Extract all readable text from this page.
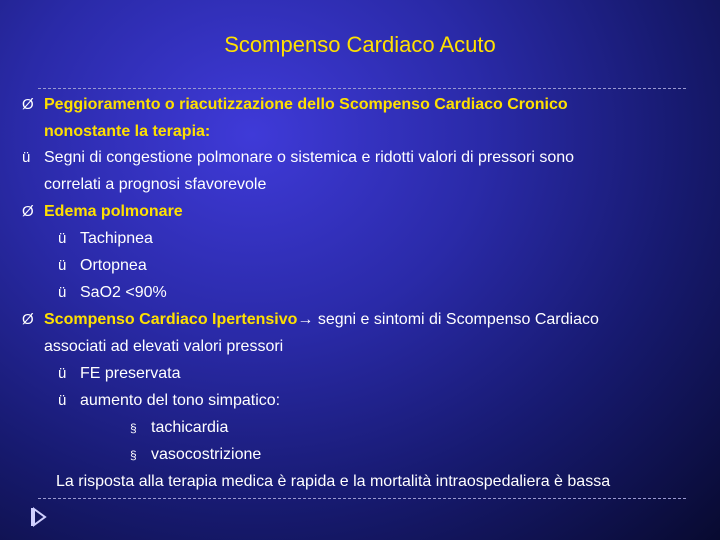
Scompenso Cardiaco Acuto
Ø Peggioramento o riacutizzazione dello Scompenso Cardiaco Cronico
nonostante la terapia:
ü Segni di congestione polmonare o sistemica e ridotti valori di pressori sono
correlati a prognosi sfavorevole
Ø Edema polmonare
ü Tachipnea
ü Ortopnea
ü SaO2 <90%
Ø Scompenso Cardiaco Ipertensivo→ segni e sintomi di Scompenso Cardiaco
associati ad elevati valori pressori
ü FE preservata
ü aumento del tono simpatico:
§ tachicardia
§ vasocostrizione
La risposta alla terapia medica è rapida e la mortalità intraospedaliera è bassa
